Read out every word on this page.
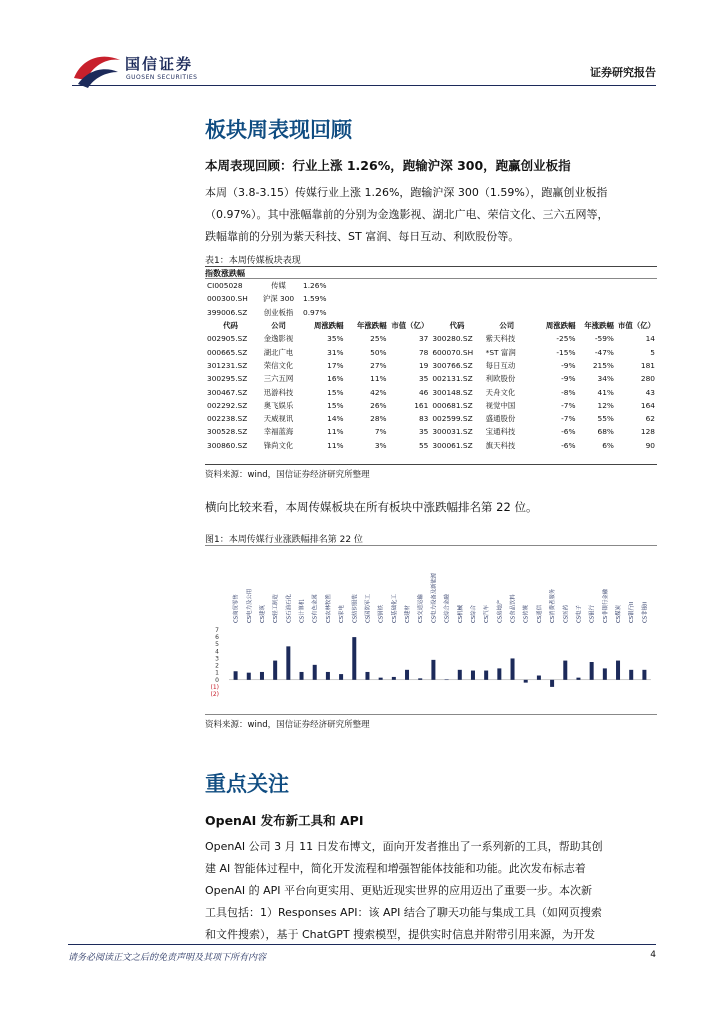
国信证券
GUOSEN SECURITIES	证券研究报告
板块周表现回顾
本周表现回顾：行业上涨 1.26%，跑输沪深 300，跑赢创业板指
本周（3.8-3.15）传媒行业上涨 1.26%，跑输沪深 300（1.59%），跑赢创业板指
（0.97%）。其中涨幅靠前的分别为金逸影视、湖北广电、荣信文化、三六五网等，
跌幅靠前的分别为紫天科技、ST 富润、每日互动、利欧股份等。
表1：本周传媒板块表现
指数涨跌幅
CI005028	传媒	1.26%							
000300.SH	沪深 300	1.59%							
399006.SZ	创业板指	0.97%							
代码	公司	周涨跌幅	年涨跌幅	市值（亿）	代码	公司	周涨跌幅	年涨跌幅	市值（亿）
002905.SZ	金逸影视	35%	25%	37	300280.SZ	紫天科技	-25%	-59%	14
000665.SZ	湖北广电	31%	50%	78	600070.SH	*ST 富润	-15%	-47%	5
301231.SZ	荣信文化	17%	27%	19	300766.SZ	每日互动	-9%	215%	181
300295.SZ	三六五网	16%	11%	35	002131.SZ	利欧股份	-9%	34%	280
300467.SZ	迅游科技	15%	42%	46	300148.SZ	天舟文化	-8%	41%	43
002292.SZ	奥飞娱乐	15%	26%	161	000681.SZ	视觉中国	-7%	12%	164
002238.SZ	天威视讯	14%	28%	83	002599.SZ	盛通股份	-7%	55%	62
300528.SZ	幸福蓝海	11%	7%	35	300031.SZ	宝通科技	-6%	68%	128
300860.SZ	锋尚文化	11%	3%	55	300061.SZ	旗天科技	-6%	6%	90
资料来源：wind，国信证券经济研究所整理
横向比较来看，本周传媒板块在所有板块中涨跌幅排名第 22 位。
图1：本周传媒行业涨跌幅排名第 22 位
7
6
5
4
3
2
1
0
(1)
(2)
CS商贸零售	CS电力及公用	CS建筑	CS轻工制造	CS石油石化	CS计算机	CS有色金属	CS农林牧渔	CS家电	CS纺织服装	CS国防军工	CS钢铁	CS基础化工	CS建材	CS交通运输	CS电力设备及新能源	CS综合金融	CS机械	CS综合	CS汽车	CS房地产	CS食品饮料	CS传媒	CS通信	CS消费者服务	CS医药	CS电子	CS银行	CS非银行金融	CS煤炭	CS银行II	CS非银II
资料来源：wind，国信证券经济研究所整理
重点关注
OpenAI 发布新工具和 API
OpenAI 公司 3 月 11 日发布博文，面向开发者推出了一系列新的工具，帮助其创
建 AI 智能体过程中，简化开发流程和增强智能体技能和功能。此次发布标志着
OpenAI 的 API 平台向更实用、更贴近现实世界的应用迈出了重要一步。本次新
工具包括：1）Responses API：该 API 结合了聊天功能与集成工具（如网页搜索
和文件搜索），基于 ChatGPT 搜索模型，提供实时信息并附带引用来源，为开发
请务必阅读正文之后的免责声明及其项下所有内容	4
